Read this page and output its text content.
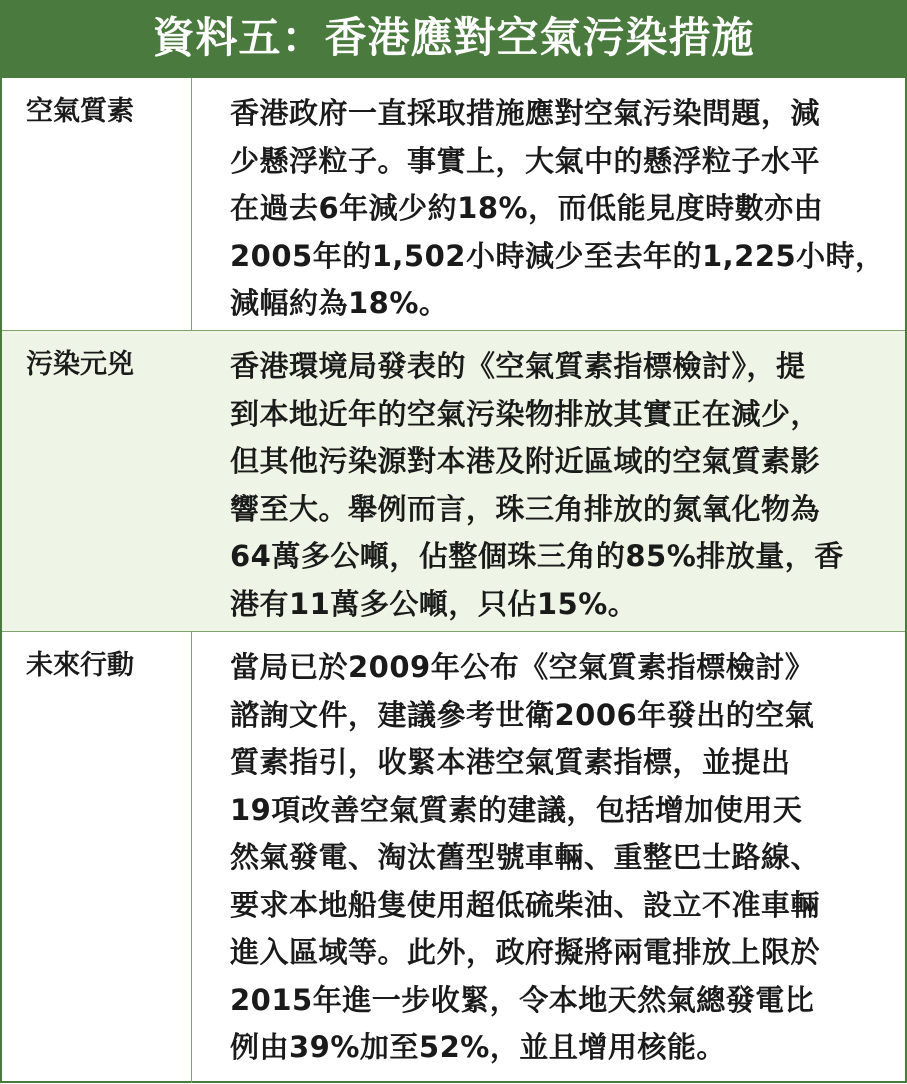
資料五：香港應對空氣污染措施
空氣質素	香港政府一直採取措施應對空氣污染問題，減
少懸浮粒子。事實上，大氣中的懸浮粒子水平
在過去6年減少約18%，而低能見度時數亦由
2005年的1,502小時減少至去年的1,225小時，
減幅約為18%。
污染元兇	香港環境局發表的《空氣質素指標檢討》，提
到本地近年的空氣污染物排放其實正在減少，
但其他污染源對本港及附近區域的空氣質素影
響至大。舉例而言，珠三角排放的氮氧化物為
64萬多公噸，佔整個珠三角的85%排放量，香
港有11萬多公噸，只佔15%。
未來行動	當局已於2009年公布《空氣質素指標檢討》
諮詢文件，建議參考世衛2006年發出的空氣
質素指引，收緊本港空氣質素指標，並提出
19項改善空氣質素的建議，包括增加使用天
然氣發電、淘汰舊型號車輛、重整巴士路線、
要求本地船隻使用超低硫柴油、設立不准車輛
進入區域等。此外，政府擬將兩電排放上限於
2015年進一步收緊，令本地天然氣總發電比
例由39%加至52%，並且增用核能。
